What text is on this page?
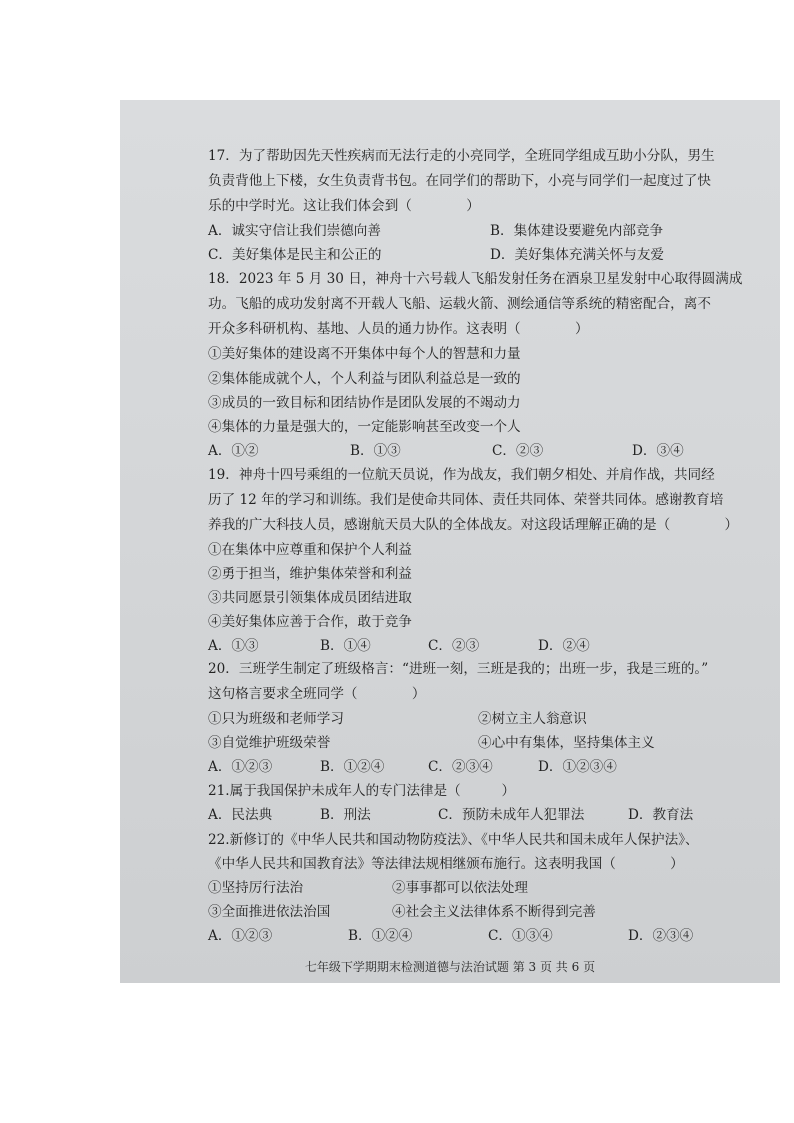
17．为了帮助因先天性疾病而无法行走的小亮同学，全班同学组成互助小分队，男生
负责背他上下楼，女生负责背书包。在同学们的帮助下，小亮与同学们一起度过了快
乐的中学时光。这让我们体会到（　　　　）
A．诚实守信让我们崇德向善	B．集体建设要避免内部竞争
C．美好集体是民主和公正的	D．美好集体充满关怀与友爱
18．2023 年 5 月 30 日，神舟十六号载人飞船发射任务在酒泉卫星发射中心取得圆满成
功。飞船的成功发射离不开载人飞船、运载火箭、测绘通信等系统的精密配合，离不
开众多科研机构、基地、人员的通力协作。这表明（　　　　）
①美好集体的建设离不开集体中每个人的智慧和力量
②集体能成就个人，个人利益与团队利益总是一致的
③成员的一致目标和团结协作是团队发展的不竭动力
④集体的力量是强大的，一定能影响甚至改变一个人
A．①②	B．①③	C．②③	D．③④
19．神舟十四号乘组的一位航天员说，作为战友，我们朝夕相处、并肩作战，共同经
历了 12 年的学习和训练。我们是使命共同体、责任共同体、荣誉共同体。感谢教育培
养我的广大科技人员，感谢航天员大队的全体战友。对这段话理解正确的是（　　　　）
①在集体中应尊重和保护个人利益
②勇于担当，维护集体荣誉和利益
③共同愿景引领集体成员团结进取
④美好集体应善于合作，敢于竞争
A．①③	B．①④	C．②③	D．②④
20．三班学生制定了班级格言：“进班一刻，三班是我的；出班一步，我是三班的。”
这句格言要求全班同学（　　　　）
①只为班级和老师学习	②树立主人翁意识
③自觉维护班级荣誉	④心中有集体，坚持集体主义
A．①②③	B．①②④	C．②③④	D．①②③④
21.属于我国保护未成年人的专门法律是（　　　）
A．民法典	B．刑法	C．预防未成年人犯罪法	D．教育法
22.新修订的《中华人民共和国动物防疫法》、《中华人民共和国未成年人保护法》、
《中华人民共和国教育法》等法律法规相继颁布施行。这表明我国（　　　　）
①坚持厉行法治	②事事都可以依法处理
③全面推进依法治国	④社会主义法律体系不断得到完善
A．①②③	B．①②④	C．①③④	D．②③④
七年级下学期期末检测道德与法治试题 第 3 页 共 6 页
